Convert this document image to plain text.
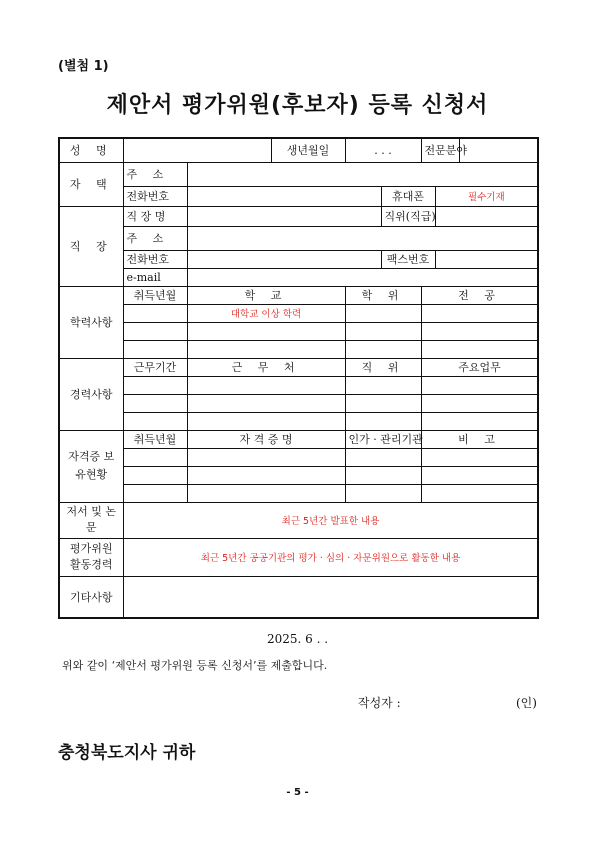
(별첨 1)
제안서 평가위원(후보자) 등록 신청서
성 명			생년월일	. . .		전문분야		
자 택	주 소							
	전화번호				휴대폰		필수기재	
직 장	직 장 명				직위(직급)			
	주 소							
	전화번호				팩스번호			
	e-mail							
학력사항	취득년월	학 교		학 위		전 공		
		대학교 이상 학력						

경력사항	근무기간	근 무 처		직 위		주요업무		

자격증 보유현황	취득년월	자 격 증 명		인가 · 관리기관		비 고		

저서 및 논문	최근 5년간 발표한 내용							
평가위원 활동경력	최근 5년간 공공기관의 평가 · 심의 · 자문위원으로 활동한 내용							
기타사항								
2025. 6 . .
위와 같이 ‘제안서 평가위원 등록 신청서’를 제출합니다.
작성자 :	(인)
충청북도지사 귀하
- 5 -
